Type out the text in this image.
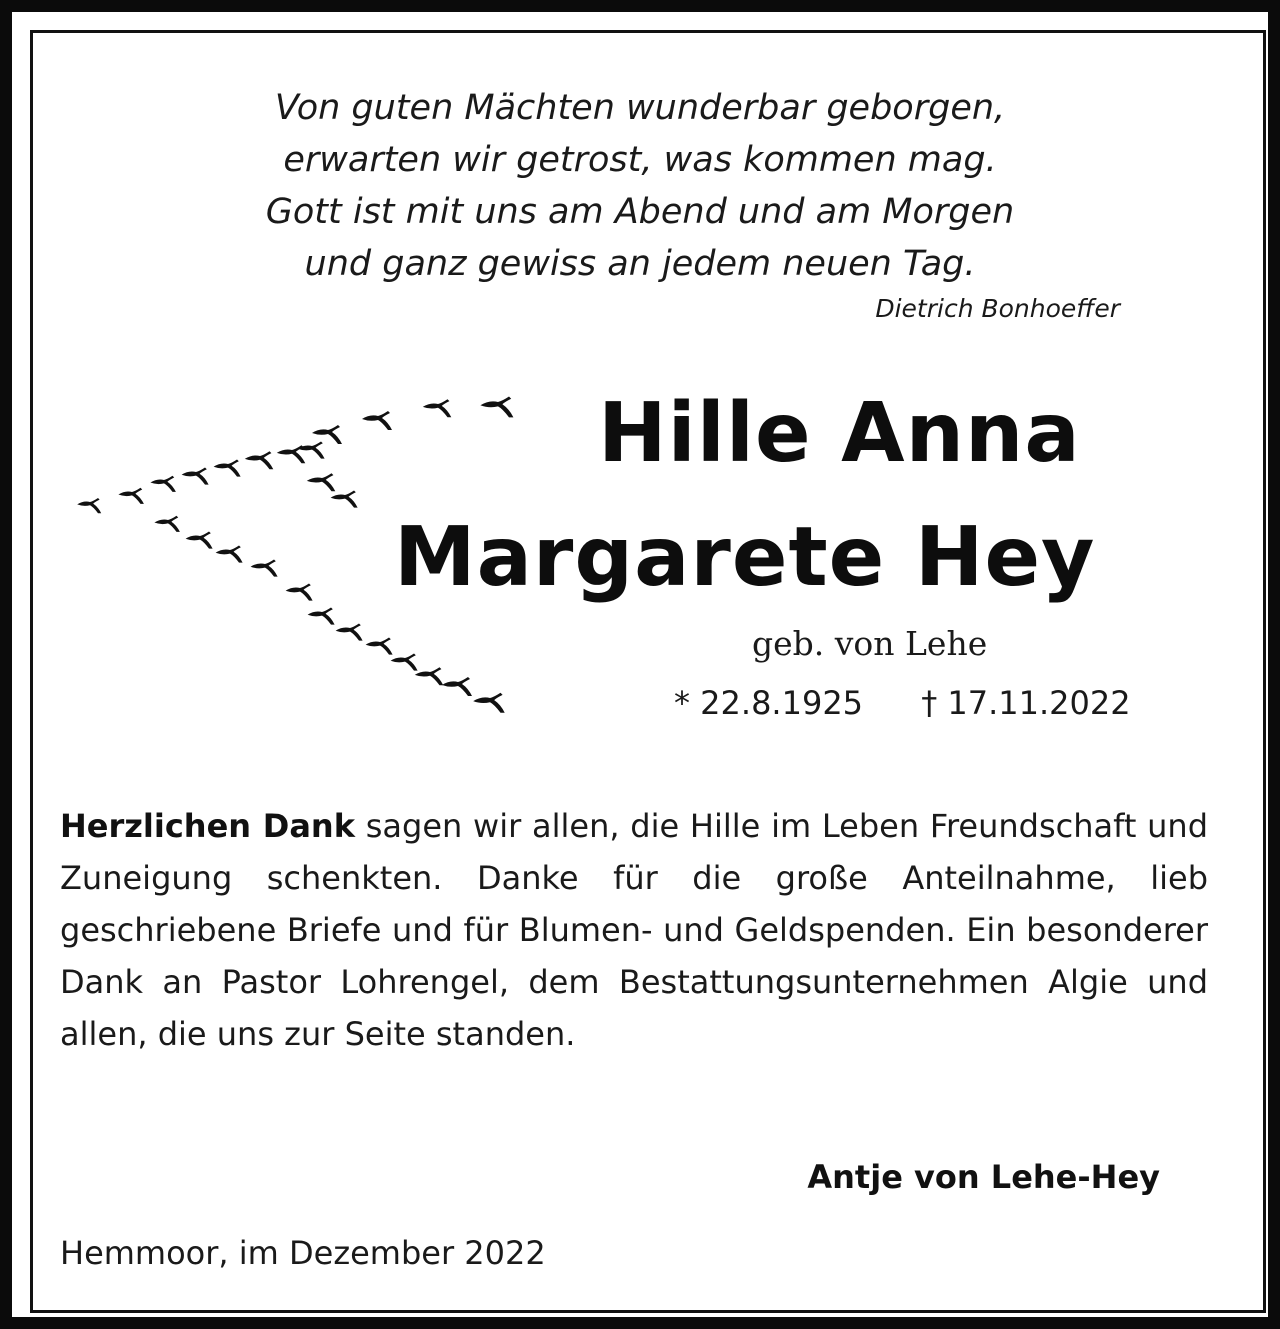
Von guten Mächten wunderbar geborgen,
erwarten wir getrost, was kommen mag.
Gott ist mit uns am Abend und am Morgen
und ganz gewiss an jedem neuen Tag.
Dietrich Bonhoeffer
Hille Anna
Margarete Hey
geb. von Lehe
* 22.8.1925 † 17.11.2022
Herzlichen Dank sagen wir allen, die Hille im Leben Freundschaft und Zuneigung schenkten. Danke für die große Anteilnahme, lieb geschriebene Briefe und für Blumen- und Geldspenden. Ein besonderer Dank an Pastor Lohrengel, dem Bestattungsunternehmen Algie und allen, die uns zur Seite standen.
Antje von Lehe-Hey
Hemmoor, im Dezember 2022
